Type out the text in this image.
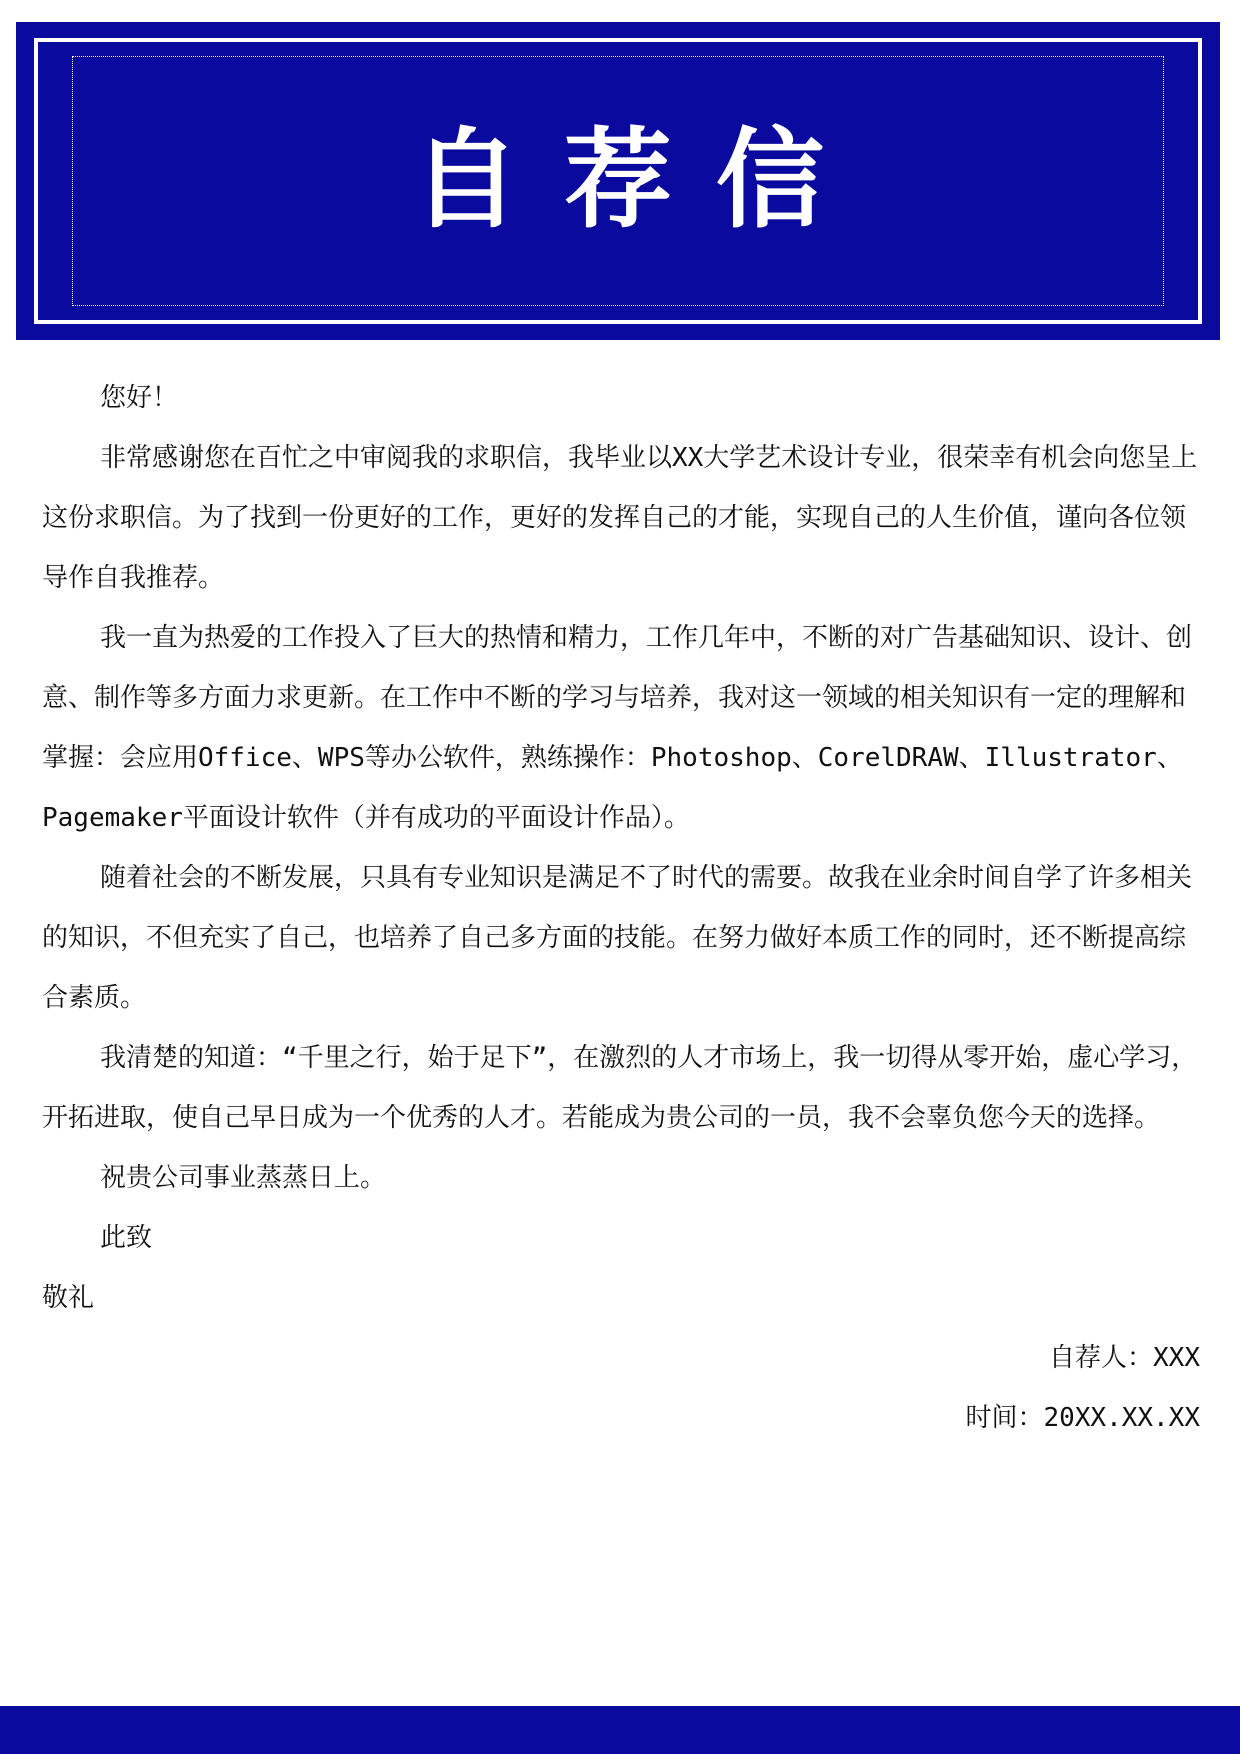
自荐信

您好！

非常感谢您在百忙之中审阅我的求职信，我毕业以XX大学艺术设计专业，很荣幸有机会向您呈上这份求职信。为了找到一份更好的工作，更好的发挥自己的才能，实现自己的人生价值，谨向各位领导作自我推荐。

我一直为热爱的工作投入了巨大的热情和精力，工作几年中，不断的对广告基础知识、设计、创意、制作等多方面力求更新。在工作中不断的学习与培养，我对这一领域的相关知识有一定的理解和掌握：会应用Office、WPS等办公软件，熟练操作：Photoshop、CorelDRAW、Illustrator、Pagemaker平面设计软件（并有成功的平面设计作品）。

随着社会的不断发展，只具有专业知识是满足不了时代的需要。故我在业余时间自学了许多相关的知识，不但充实了自己，也培养了自己多方面的技能。在努力做好本质工作的同时，还不断提高综合素质。

我清楚的知道：“千里之行，始于足下”，在激烈的人才市场上，我一切得从零开始，虚心学习，开拓进取，使自己早日成为一个优秀的人才。若能成为贵公司的一员，我不会辜负您今天的选择。

祝贵公司事业蒸蒸日上。

此致

敬礼

自荐人：XXX

时间：20XX.XX.XX
